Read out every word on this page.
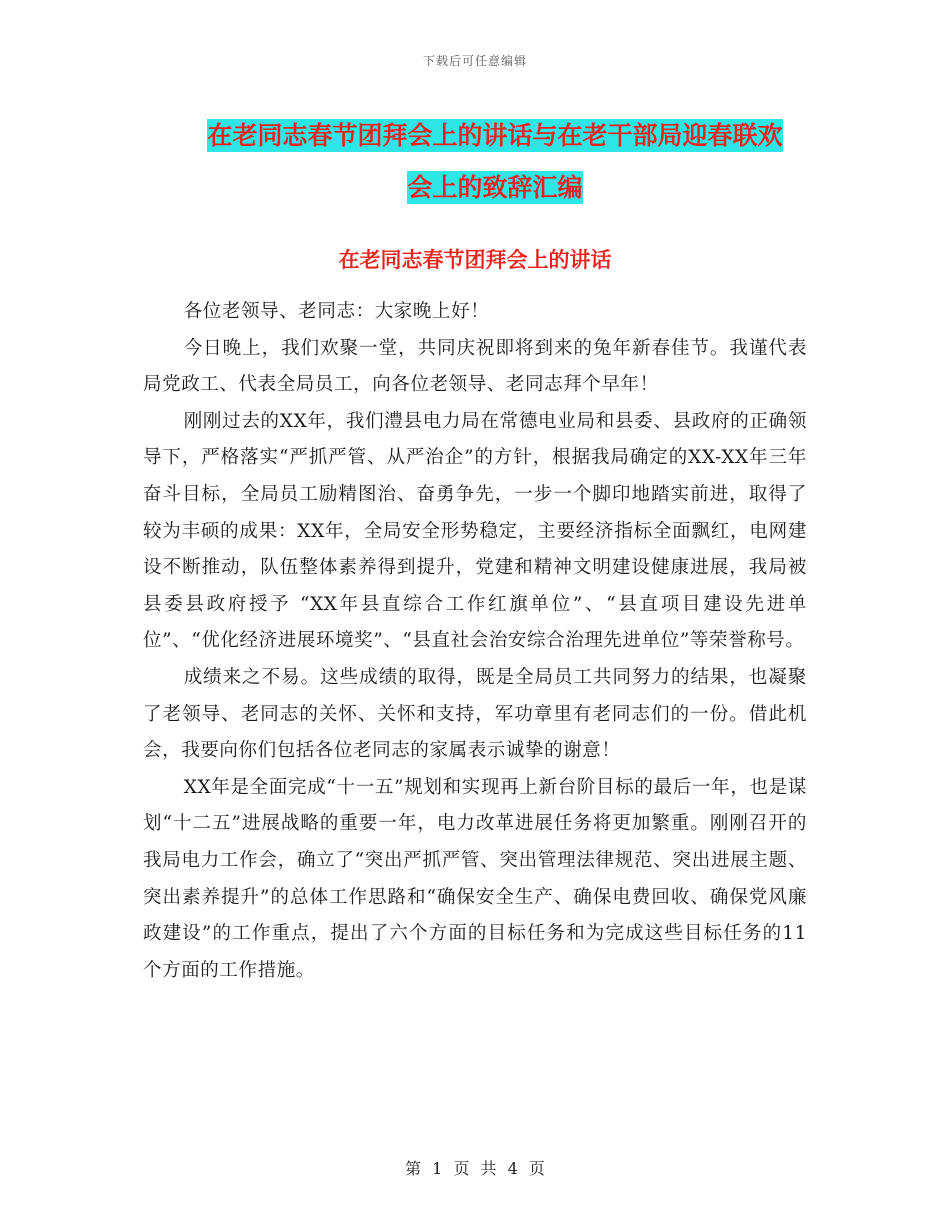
下载后可任意编辑
在老同志春节团拜会上的讲话与在老干部局迎春联欢
会上的致辞汇编
在老同志春节团拜会上的讲话

各位老领导、老同志：大家晚上好！

今日晚上，我们欢聚一堂，共同庆祝即将到来的兔年新春佳节。我谨代表局党政工、代表全局员工，向各位老领导、老同志拜个早年！

刚刚过去的XX年，我们澧县电力局在常德电业局和县委、县政府的正确领导下，严格落实“严抓严管、从严治企”的方针，根据我局确定的XX-XX年三年奋斗目标，全局员工励精图治、奋勇争先，一步一个脚印地踏实前进，取得了较为丰硕的成果：XX年，全局安全形势稳定，主要经济指标全面飘红，电网建设不断推动，队伍整体素养得到提升，党建和精神文明建设健康进展，我局被县委县政府授予 “XX年县直综合工作红旗单位”、“县直项目建设先进单位”、“优化经济进展环境奖”、“县直社会治安综合治理先进单位”等荣誉称号。

成绩来之不易。这些成绩的取得，既是全局员工共同努力的结果，也凝聚了老领导、老同志的关怀、关怀和支持，军功章里有老同志们的一份。借此机会，我要向你们包括各位老同志的家属表示诚挚的谢意！

XX年是全面完成“十一五”规划和实现再上新台阶目标的最后一年，也是谋划“十二五”进展战略的重要一年，电力改革进展任务将更加繁重。刚刚召开的我局电力工作会，确立了“突出严抓严管、突出管理法律规范、突出进展主题、突出素养提升”的总体工作思路和“确保安全生产、确保电费回收、确保党风廉政建设”的工作重点，提出了六个方面的目标任务和为完成这些目标任务的11个方面的工作措施。

第 1 页 共 4 页
